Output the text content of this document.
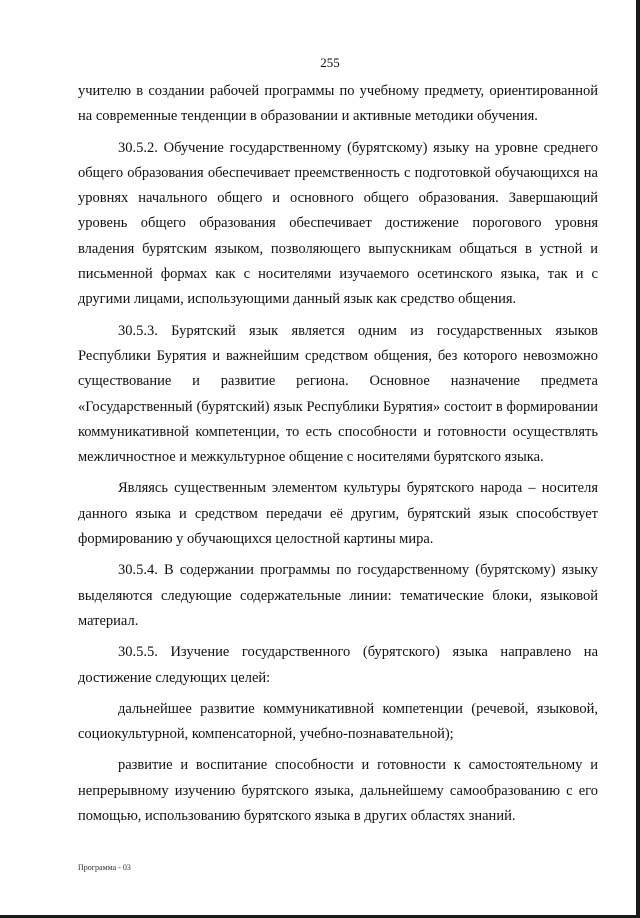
255

учителю в создании рабочей программы по учебному предмету, ориентированной на современные тенденции в образовании и активные методики обучения.

30.5.2. Обучение государственному (бурятскому) языку на уровне среднего общего образования обеспечивает преемственность с подготовкой обучающихся на уровнях начального общего и основного общего образования. Завершающий уровень общего образования обеспечивает достижение порогового уровня владения бурятским языком, позволяющего выпускникам общаться в устной и письменной формах как с носителями изучаемого осетинского языка, так и с другими лицами, использующими данный язык как средство общения.

30.5.3. Бурятский язык является одним из государственных языков Республики Бурятия и важнейшим средством общения, без которого невозможно существование и развитие региона. Основное назначение предмета «Государственный (бурятский) язык Республики Бурятия» состоит в формировании коммуникативной компетенции, то есть способности и готовности осуществлять межличностное и межкультурное общение с носителями бурятского языка.

Являясь существенным элементом культуры бурятского народа – носителя данного языка и средством передачи её другим, бурятский язык способствует формированию у обучающихся целостной картины мира.

30.5.4. В содержании программы по государственному (бурятскому) языку выделяются следующие содержательные линии: тематические блоки, языковой материал.

30.5.5. Изучение государственного (бурятского) языка направлено на достижение следующих целей:

дальнейшее развитие коммуникативной компетенции (речевой, языковой, социокультурной, компенсаторной, учебно-познавательной);

развитие и воспитание способности и готовности к самостоятельному и непрерывному изучению бурятского языка, дальнейшему самообразованию с его помощью, использованию бурятского языка в других областях знаний.

Программа - 03
